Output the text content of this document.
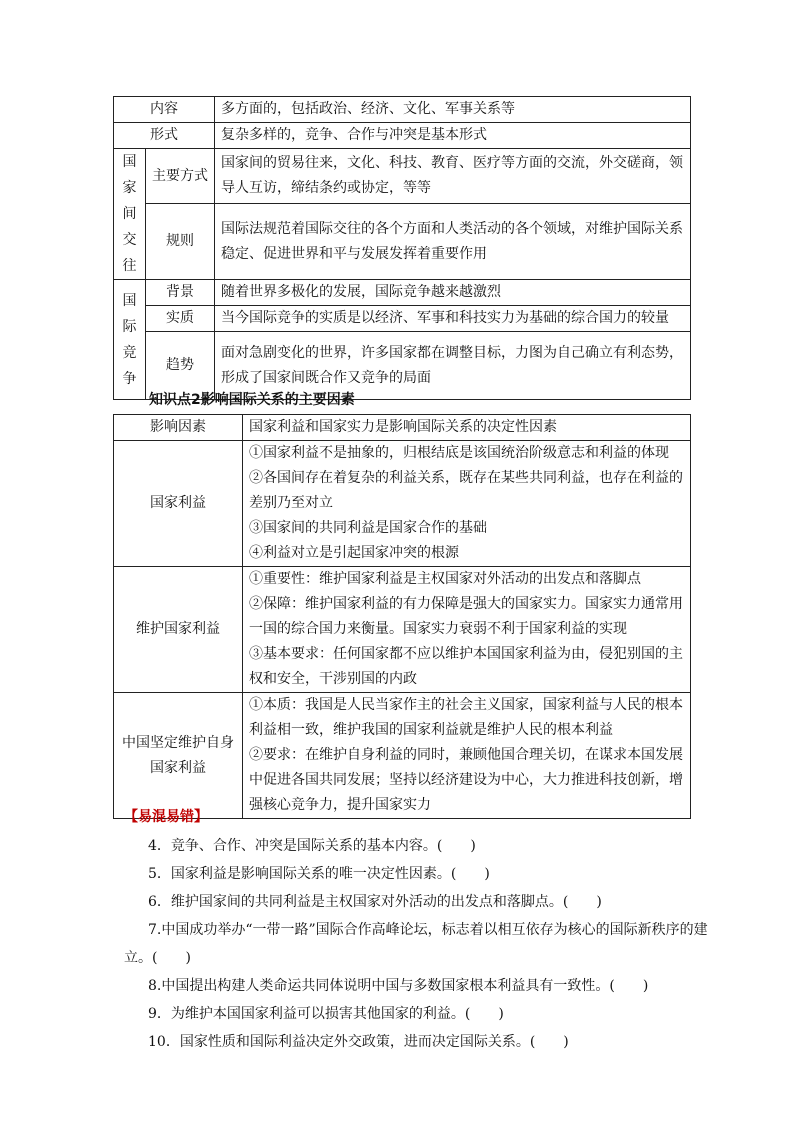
内容		多方面的，包括政治、经济、文化、军事关系等
形式		复杂多样的，竞争、合作与冲突是基本形式

国
家
间
交
往	主要方式	国家间的贸易往来，文化、科技、教育、医疗等方面的交流，外交磋商，领导人互访，缔结条约或协定，等等
	规则	国际法规范着国际交往的各个方面和人类活动的各个领域，对维护国际关系稳定、促进世界和平与发展发挥着重要作用

国
际
竞
争	背景	随着世界多极化的发展，国际竞争越来越激烈
	实质	当今国际竞争的实质是以经济、军事和科技实力为基础的综合国力的较量
	趋势	面对急剧变化的世界，许多国家都在调整目标，力图为自己确立有利态势，形成了国家间既合作又竞争的局面
知识点2影响国际关系的主要因素
影响因素	国家利益和国家实力是影响国际关系的决定性因素
国家利益	①国家利益不是抽象的，归根结底是该国统治阶级意志和利益的体现
②各国间存在着复杂的利益关系，既存在某些共同利益，也存在利益的差别乃至对立
③国家间的共同利益是国家合作的基础
④利益对立是引起国家冲突的根源

维护国家利益	①重要性：维护国家利益是主权国家对外活动的出发点和落脚点
②保障：维护国家利益的有力保障是强大的国家实力。国家实力通常用一国的综合国力来衡量。国家实力衰弱不利于国家利益的实现
③基本要求：任何国家都不应以维护本国国家利益为由，侵犯别国的主权和安全，干涉别国的内政

中国坚定维护自身国家利益	①本质：我国是人民当家作主的社会主义国家，国家利益与人民的根本利益相一致，维护我国的国家利益就是维护人民的根本利益
②要求：在维护自身利益的同时，兼顾他国合理关切，在谋求本国发展中促进各国共同发展；坚持以经济建设为中心，大力推进科技创新，增强核心竞争力，提升国家实力
【易混易错】

4．竞争、合作、冲突是国际关系的基本内容。(　　)

5．国家利益是影响国际关系的唯一决定性因素。(　　)

6．维护国家间的共同利益是主权国家对外活动的出发点和落脚点。(　　)

7.中国成功举办“一带一路”国际合作高峰论坛，标志着以相互依存为核心的国际新秩序的建立。(　　)

8.中国提出构建人类命运共同体说明中国与多数国家根本利益具有一致性。(　　)

9．为维护本国国家利益可以损害其他国家的利益。(　　)

10．国家性质和国际利益决定外交政策，进而决定国际关系。(　　)
